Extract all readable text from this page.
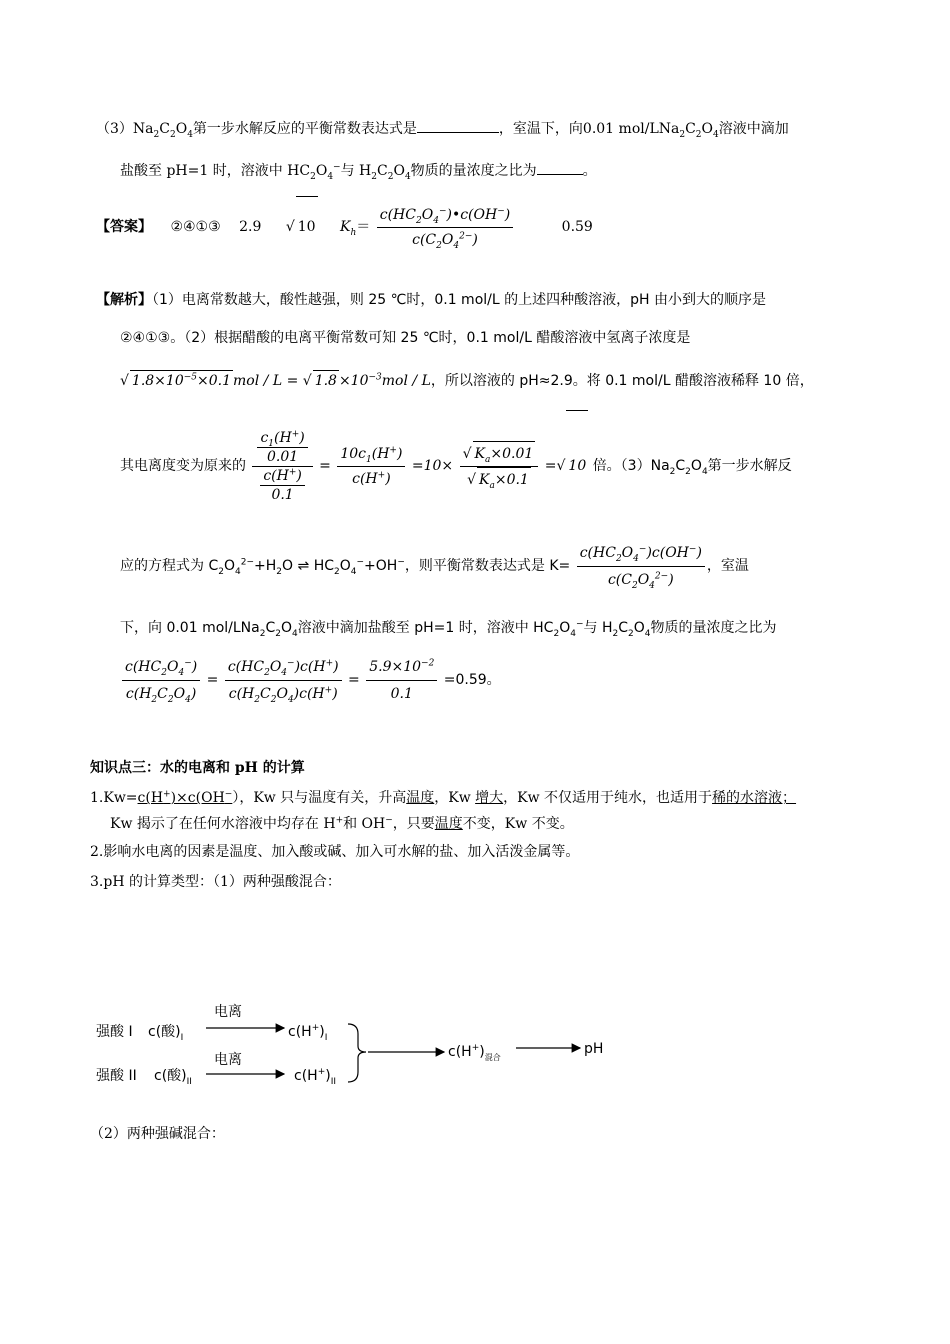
$(3)Na_2C_2O_4$第一步水解反应的平衡常数表达式是	，室温下，向0.01 mol/$LNa_2C_2O_4$溶液中滴加
盐酸至 pH=1 时，溶液中 $HC_2O_4^-$与 $H_2C_2O_4$物质的量浓度之比为	。
【答案】 ②④①③ 2.9 √ 10 $K_h= \frac{c(HC_2O_4^-)•c(OH^-)}{c(C_2O_4^{2-})}$	0.59
【解析】（1）电离常数越大，酸性越强，则 25 ℃时，0.1 mol/L 的上述四种酸溶液，pH 由小到大的顺序是
②④①③。（2）根据醋酸的电离平衡常数可知 25 ℃时，0.1 mol/L 醋酸溶液中氢离子浓度是
√ $1.8\times 10^{-5}\times 0.1$ mol / L = √ $1.8 \times 10^{-3}mol / L$，所以溶液的 pH≈2.9。将 0.1 mol/L 醋酸溶液稀释 10 倍，
其电离度变为原来的 $\frac{\frac{c_1(H^+)}{0.01}}{\frac{c(H^+)}{0.1}} = \frac{10c_1(H^+)}{c(H^+)} =10\times \frac{√ K_a\times 0.01}{√ K_a\times 0.1}$ =√ 10 倍。$(3)Na_2C_2O_4$第一步水解反
应的方程式为 $C_2O_4^{2-}+H_2O$ ⇌ $HC_2O_4^-+OH^-$，则平衡常数表达式是 $K= \frac{c(HC_2O_4^-)c(OH^-)}{c(C_2O_4^{2-})}$ ，室温
下，向 0.01 mol/$LNa_2C_2O_4$溶液中滴加盐酸至 pH=1 时，溶液中 $HC_2O_4^-$与 $H_2C_2O_4$物质的量浓度之比为
$\frac{c(HC_2O_4^-)}{c(H_2C_2O_4)} = \frac{c(HC_2O_4^-)c(H^+)}{c(H_2C_2O_4)c(H^+)} = \frac{5.9\times 10^{-2}}{0.1} =0.59$。
知识点三：水的电离和 pH 的计算
1.Kw=c(H+)×c(OH−），Kw 只与温度有关，升高温度，Kw 增大，Kw 不仅适用于纯水，也适用于稀的水溶液；
Kw 揭示了在任何水溶液中均存在 H+和 OH−，只要温度不变，Kw 不变。
2.影响水电离的因素是温度、加入酸或碱、加入可水解的盐、加入活泼金属等。
3.pH 的计算类型：（1）两种强酸混合：
强酸 I c(酸)$_I$
电离
$c(H^+)_I$
强酸 II c(酸)$_{II}$
电离
$c(H^+)_{II}$
$c(H^+)_{混合}$
pH
（2）两种强碱混合：
